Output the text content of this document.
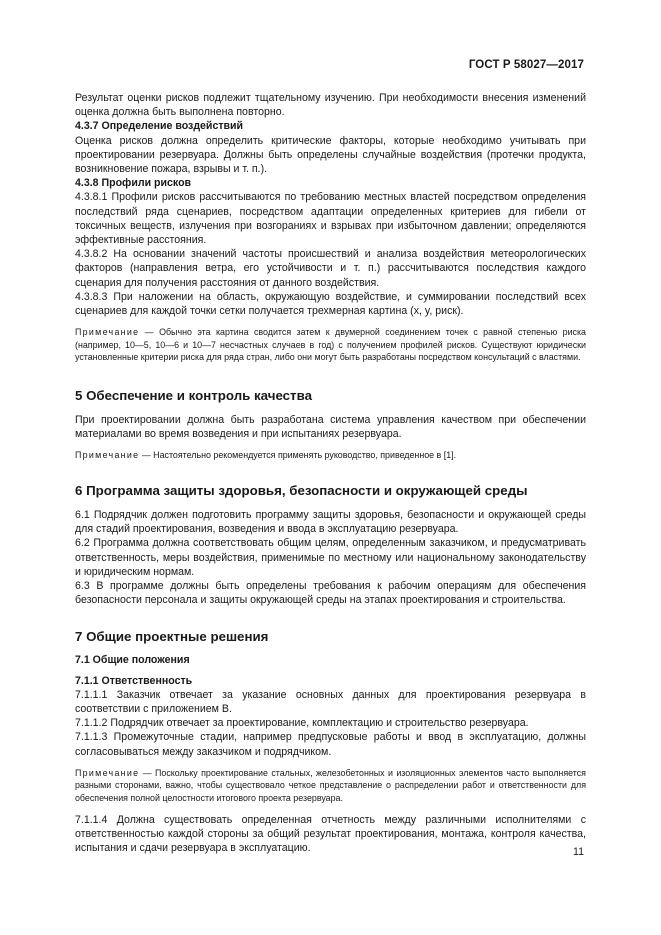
ГОСТ Р 58027—2017

Результат оценки рисков подлежит тщательному изучению. При необходимости внесения изменений оценка должна быть выполнена повторно.

4.3.7 Определение воздействий

Оценка рисков должна определить критические факторы, которые необходимо учитывать при проектировании резервуара. Должны быть определены случайные воздействия (протечки продукта, возникновение пожара, взрывы и т. п.).

4.3.8 Профили рисков

4.3.8.1 Профили рисков рассчитываются по требованию местных властей посредством определения последствий ряда сценариев, посредством адаптации определенных критериев для гибели от токсичных веществ, излучения при возгораниях и взрывах при избыточном давлении; определяются эффективные расстояния.

4.3.8.2 На основании значений частоты происшествий и анализа воздействия метеорологических факторов (направления ветра, его устойчивости и т. п.) рассчитываются последствия каждого сценария для получения расстояния от данного воздействия.

4.3.8.3 При наложении на область, окружающую воздействие, и суммировании последствий всех сценариев для каждой точки сетки получается трехмерная картина (x, y, риск).

Примечание — Обычно эта картина сводится затем к двумерной соединением точек с равной степенью риска (например, 10—5, 10—6 и 10—7 несчастных случаев в год) с получением профилей рисков. Существуют юридически установленные критерии риска для ряда стран, либо они могут быть разработаны посредством консультаций с властями.

5 Обеспечение и контроль качества

При проектировании должна быть разработана система управления качеством при обеспечении материалами во время возведения и при испытаниях резервуара.

Примечание — Настоятельно рекомендуется применять руководство, приведенное в [1].

6 Программа защиты здоровья, безопасности и окружающей среды

6.1 Подрядчик должен подготовить программу защиты здоровья, безопасности и окружающей среды для стадий проектирования, возведения и ввода в эксплуатацию резервуара.

6.2 Программа должна соответствовать общим целям, определенным заказчиком, и предусматривать ответственность, меры воздействия, применимые по местному или национальному законодательству и юридическим нормам.

6.3 В программе должны быть определены требования к рабочим операциям для обеспечения безопасности персонала и защиты окружающей среды на этапах проектирования и строительства.

7 Общие проектные решения
7.1 Общие положения
7.1.1 Ответственность

7.1.1.1 Заказчик отвечает за указание основных данных для проектирования резервуара в соответствии с приложением В.

7.1.1.2 Подрядчик отвечает за проектирование, комплектацию и строительство резервуара.

7.1.1.3 Промежуточные стадии, например предпусковые работы и ввод в эксплуатацию, должны согласовываться между заказчиком и подрядчиком.

Примечание — Поскольку проектирование стальных, железобетонных и изоляционных элементов часто выполняется разными сторонами, важно, чтобы существовало четкое представление о распределении работ и ответственности для обеспечения полной целостности итогового проекта резервуара.

7.1.1.4 Должна существовать определенная отчетность между различными исполнителями с ответственностью каждой стороны за общий результат проектирования, монтажа, контроля качества, испытания и сдачи резервуара в эксплуатацию.	11
